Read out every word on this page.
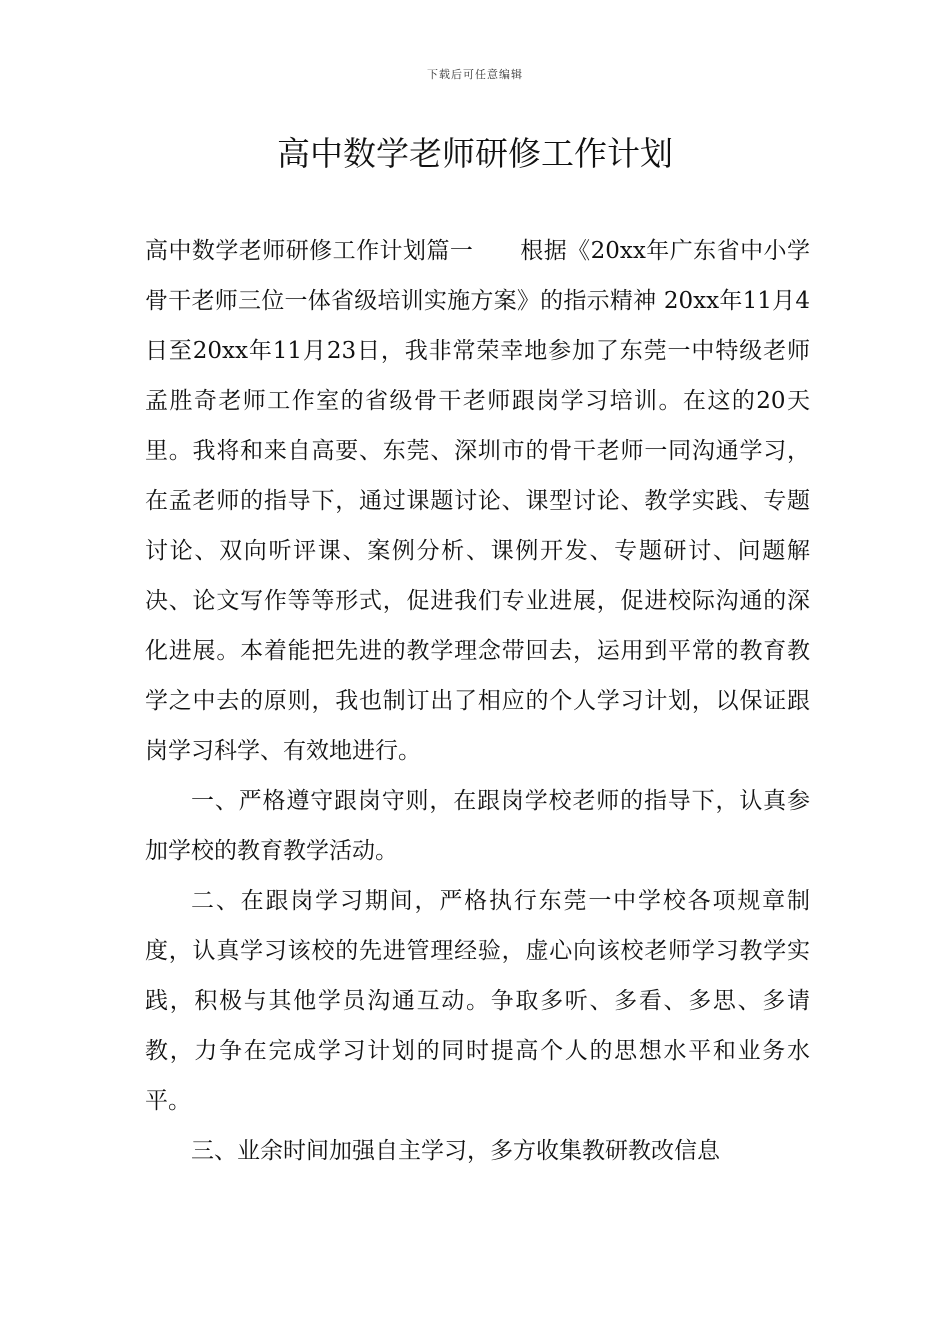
下载后可任意编辑
高中数学老师研修工作计划

高中数学老师研修工作计划篇一　　根据《20xx年广东省中小学骨干老师三位一体省级培训实施方案》的指示精神 20xx年11月4日至20xx年11月23日，我非常荣幸地参加了东莞一中特级老师孟胜奇老师工作室的省级骨干老师跟岗学习培训。在这的20天里。我将和来自高要、东莞、深圳市的骨干老师一同沟通学习，在孟老师的指导下，通过课题讨论、课型讨论、教学实践、专题讨论、双向听评课、案例分析、课例开发、专题研讨、问题解决、论文写作等等形式，促进我们专业进展，促进校际沟通的深化进展。本着能把先进的教学理念带回去，运用到平常的教育教学之中去的原则，我也制订出了相应的个人学习计划，以保证跟岗学习科学、有效地进行。

一、严格遵守跟岗守则，在跟岗学校老师的指导下，认真参加学校的教育教学活动。

二、在跟岗学习期间，严格执行东莞一中学校各项规章制度，认真学习该校的先进管理经验，虚心向该校老师学习教学实践，积极与其他学员沟通互动。争取多听、多看、多思、多请教，力争在完成学习计划的同时提高个人的思想水平和业务水平。

三、业余时间加强自主学习，多方收集教研教改信息
